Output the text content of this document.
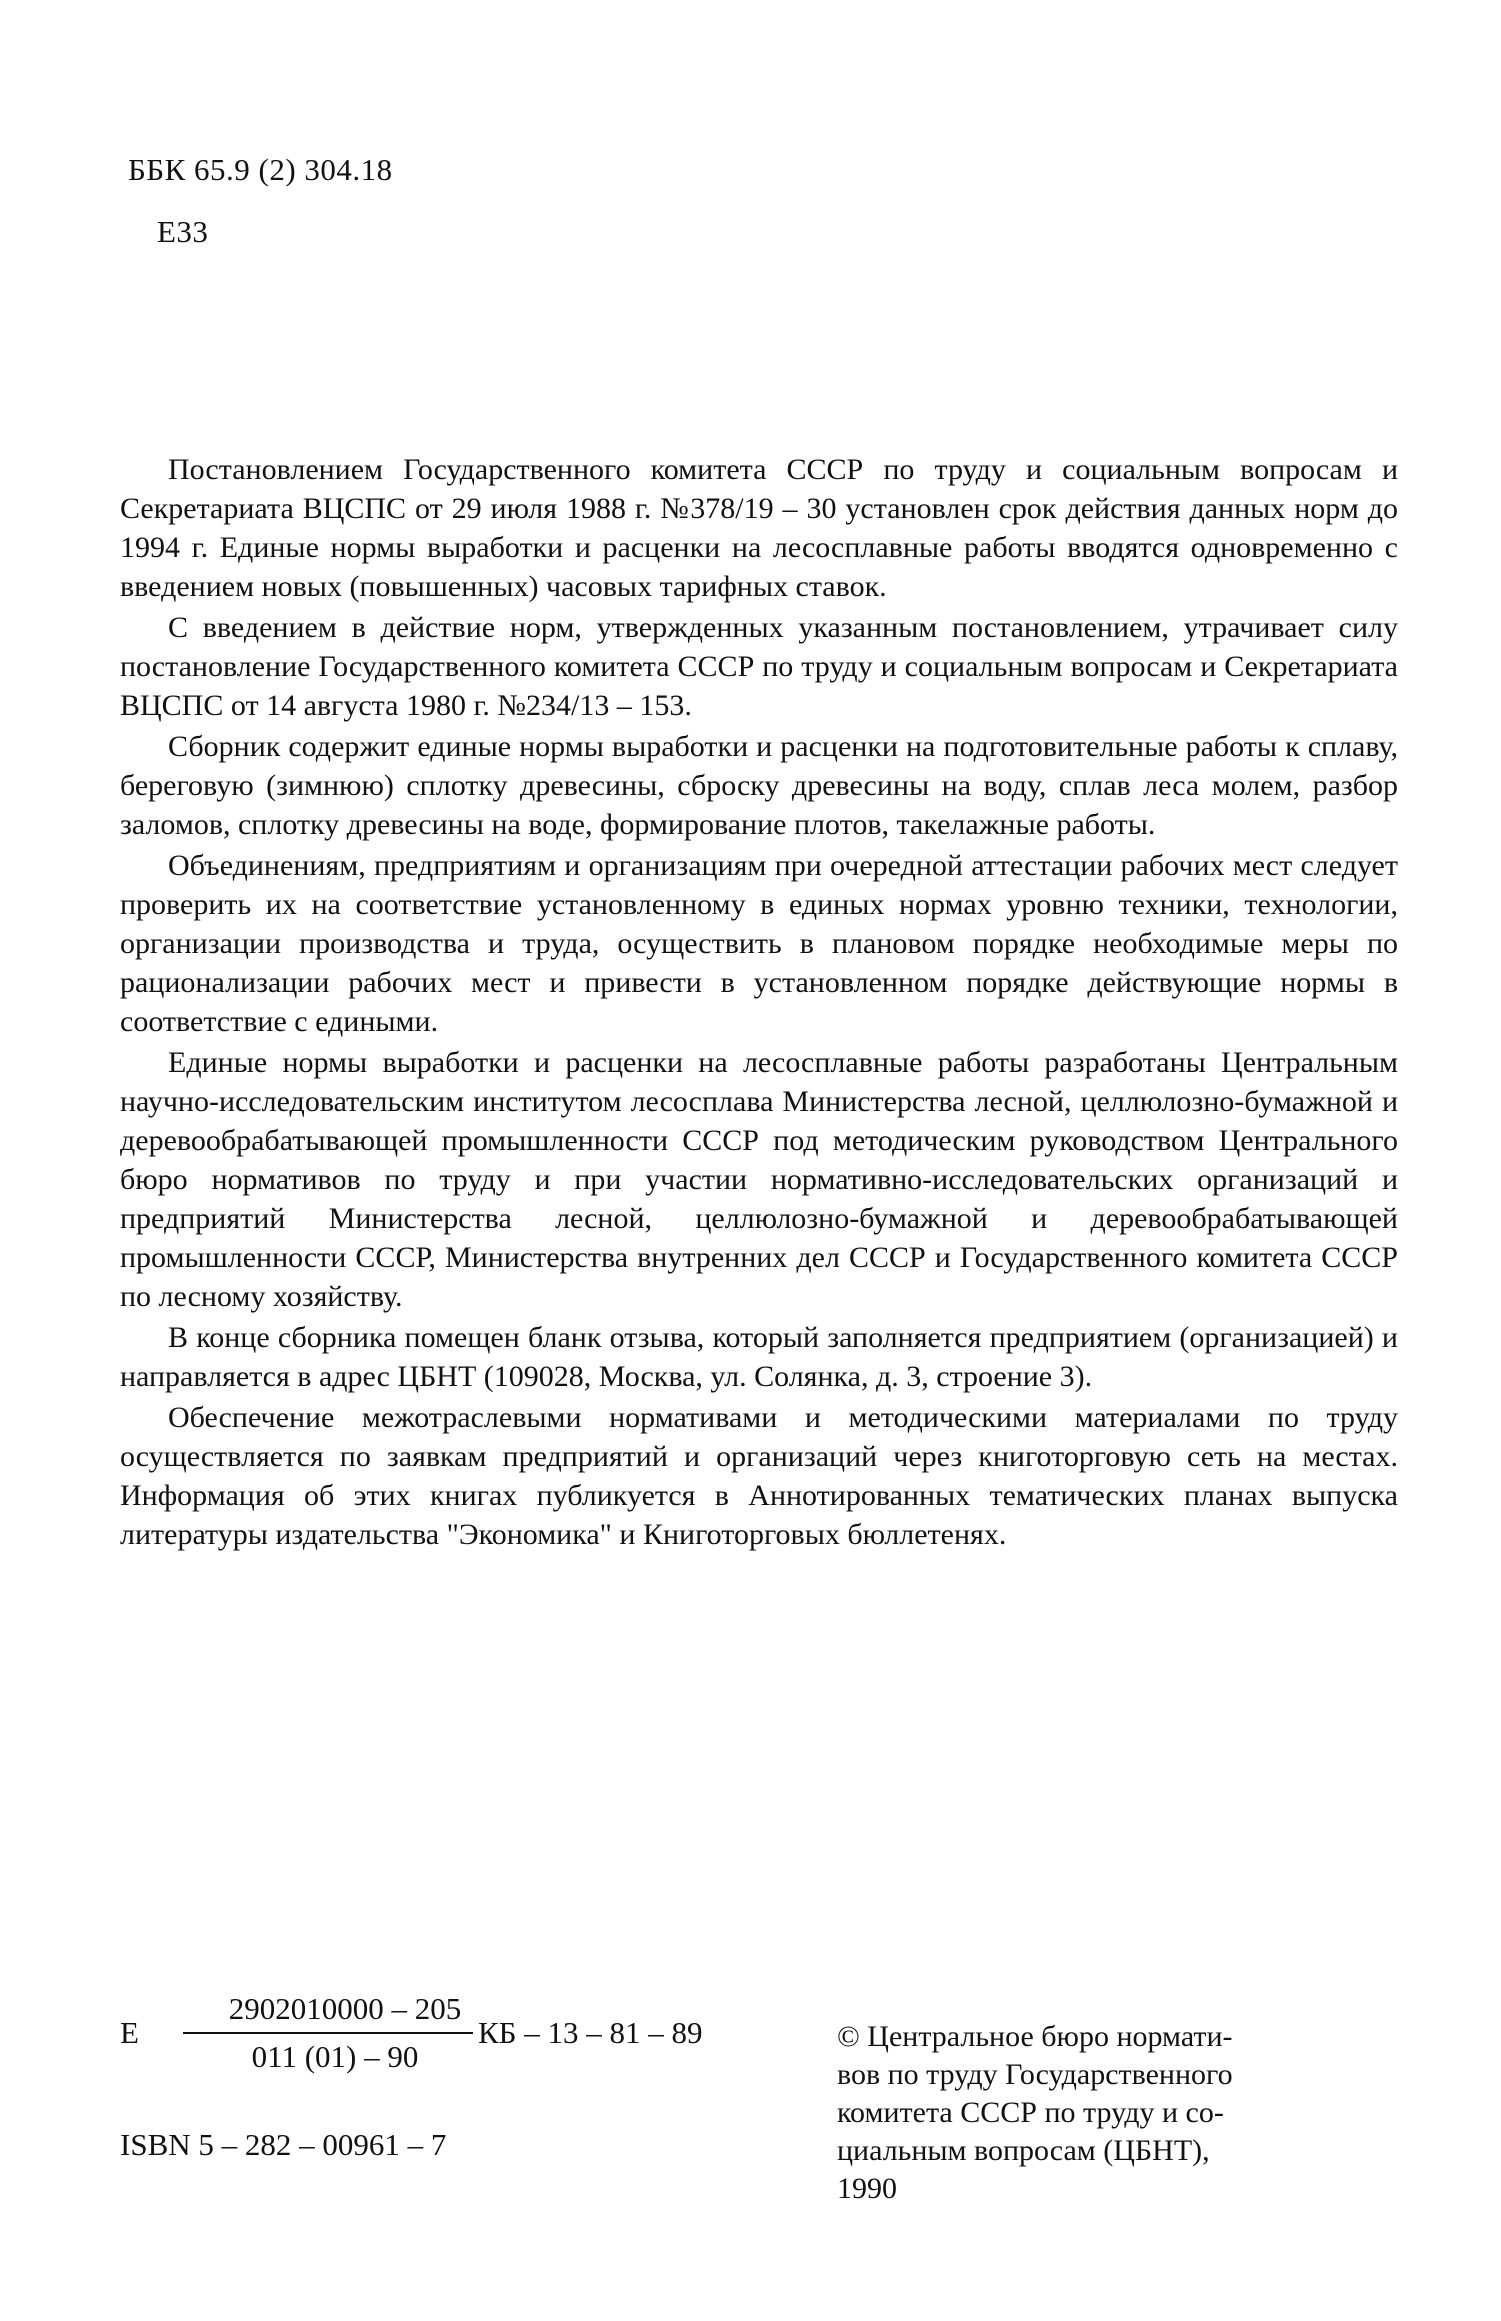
ББК 65.9 (2) 304.18
Е33

Постановлением Государственного комитета СССР по труду и социальным вопросам и Секретариата ВЦСПС от 29 июля 1988 г. №378/19 – 30 установлен срок действия данных норм до 1994 г. Единые нормы выработки и расценки на лесосплавные работы вводятся одновременно с введением новых (повышенных) часовых тарифных ставок.

С введением в действие норм, утвержденных указанным постановлением, утрачивает силу постановление Государственного комитета СССР по труду и социальным вопросам и Секретариата ВЦСПС от 14 августа 1980 г. №234/13 – 153.

Сборник содержит единые нормы выработки и расценки на подготовительные работы к сплаву, береговую (зимнюю) сплотку древесины, сброску древесины на воду, сплав леса молем, разбор заломов, сплотку древесины на воде, формирование плотов, такелажные работы.

Объединениям, предприятиям и организациям при очередной аттестации рабочих мест следует проверить их на соответствие установленному в единых нормах уровню техники, технологии, организации производства и труда, осуществить в плановом порядке необходимые меры по рационализации рабочих мест и привести в установленном порядке действующие нормы в соответствие с едиными.

Единые нормы выработки и расценки на лесосплавные работы разработаны Центральным научно-исследовательским институтом лесосплава Министерства лесной, целлюлозно-бумажной и деревообрабатывающей промышленности СССР под методическим руководством Центрального бюро нормативов по труду и при участии нормативно-исследовательских организаций и предприятий Министерства лесной, целлюлозно-бумажной и деревообрабатывающей промышленности СССР, Министерства внутренних дел СССР и Государственного комитета СССР по лесному хозяйству.

В конце сборника помещен бланк отзыва, который заполняется предприятием (организацией) и направляется в адрес ЦБНТ (109028, Москва, ул. Солянка, д. 3, строение 3).

Обеспечение межотраслевыми нормативами и методическими материалами по труду осуществляется по заявкам предприятий и организаций через книготорговую сеть на местах. Информация об этих книгах публикуется в Аннотированных тематических планах выпуска литературы издательства "Экономика" и Книготорговых бюллетенях.

Е	$\frac{2902010000 - 205}{011 (01) - 90}$ КБ – 13 – 81 – 89
ISBN 5 – 282 – 00961 – 7
© Центральное бюро нормати-
вов по труду Государственного
комитета СССР по труду и со-
циальным вопросам (ЦБНТ),
1990
